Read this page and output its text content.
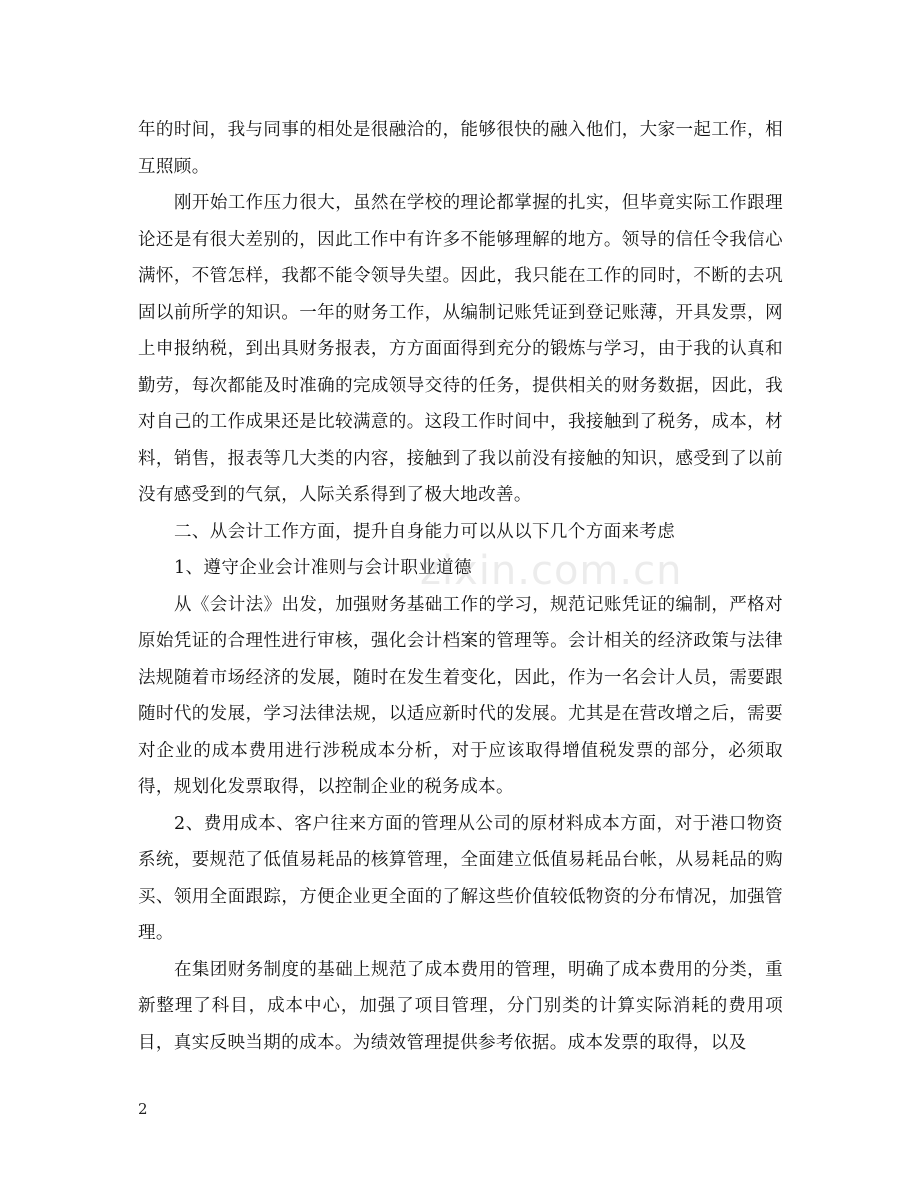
年的时间，我与同事的相处是很融洽的，能够很快的融入他们，大家一起工作，相互照顾。

刚开始工作压力很大，虽然在学校的理论都掌握的扎实，但毕竟实际工作跟理论还是有很大差别的，因此工作中有许多不能够理解的地方。领导的信任令我信心满怀，不管怎样，我都不能令领导失望。因此，我只能在工作的同时，不断的去巩固以前所学的知识。一年的财务工作，从编制记账凭证到登记账薄，开具发票，网上申报纳税，到出具财务报表，方方面面得到充分的锻炼与学习，由于我的认真和勤劳，每次都能及时准确的完成领导交待的任务，提供相关的财务数据，因此，我对自己的工作成果还是比较满意的。这段工作时间中，我接触到了税务，成本，材料，销售，报表等几大类的内容，接触到了我以前没有接触的知识，感受到了以前没有感受到的气氛，人际关系得到了极大地改善。

二、从会计工作方面，提升自身能力可以从以下几个方面来考虑

1、遵守企业会计准则与会计职业道德

从《会计法》出发，加强财务基础工作的学习，规范记账凭证的编制，严格对原始凭证的合理性进行审核，强化会计档案的管理等。会计相关的经济政策与法律法规随着市场经济的发展，随时在发生着变化，因此，作为一名会计人员，需要跟随时代的发展，学习法律法规，以适应新时代的发展。尤其是在营改增之后，需要对企业的成本费用进行涉税成本分析，对于应该取得增值税发票的部分，必须取得，规划化发票取得，以控制企业的税务成本。

2、费用成本、客户往来方面的管理从公司的原材料成本方面，对于港口物资系统，要规范了低值易耗品的核算管理，全面建立低值易耗品台帐，从易耗品的购买、领用全面跟踪，方便企业更全面的了解这些价值较低物资的分布情况，加强管理。

在集团财务制度的基础上规范了成本费用的管理，明确了成本费用的分类，重新整理了科目，成本中心，加强了项目管理，分门别类的计算实际消耗的费用项目，真实反映当期的成本。为绩效管理提供参考依据。成本发票的取得，以及

zixin.com.cn
2
